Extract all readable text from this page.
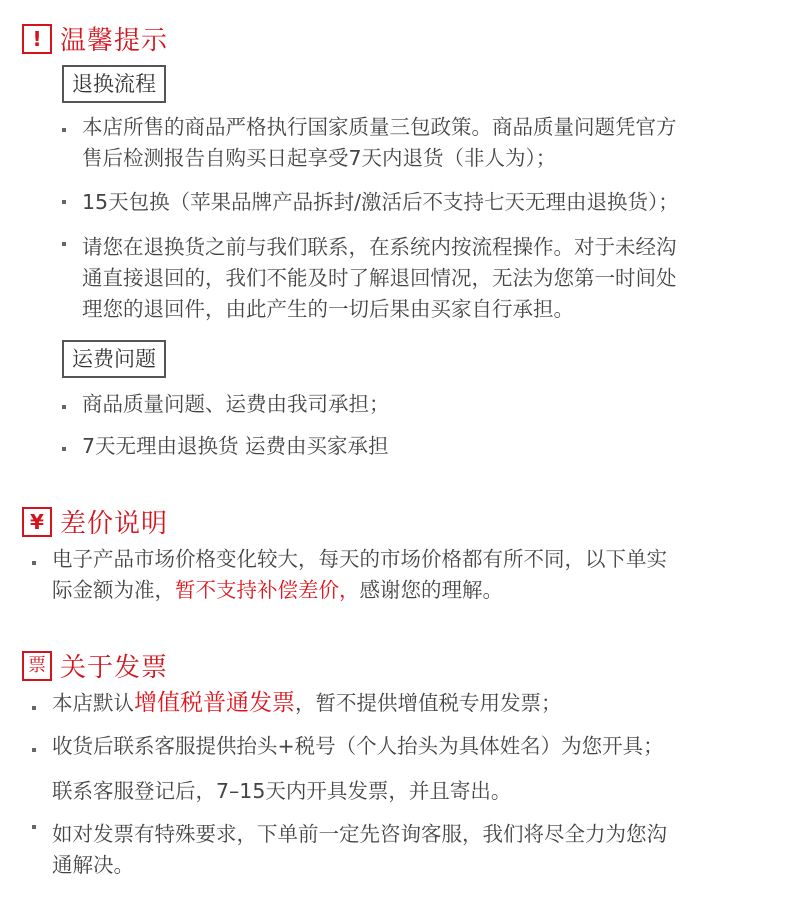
! 温馨提示
退换流程

本店所售的商品严格执行国家质量三包政策。商品质量问题凭官方

售后检测报告自购买日起享受7天内退货（非人为）；

15天包换（苹果品牌产品拆封/激活后不支持七天无理由退换货）；

请您在退换货之前与我们联系，在系统内按流程操作。对于未经沟

通直接退回的，我们不能及时了解退回情况，无法为您第一时间处

理您的退回件，由此产生的一切后果由买家自行承担。

运费问题

商品质量问题、运费由我司承担；

7天无理由退换货 运费由买家承担

¥ 差价说明

电子产品市场价格变化较大，每天的市场价格都有所不同，以下单实

际金额为准，暂不支持补偿差价，感谢您的理解。

票 关于发票

本店默认增值税普通发票，暂不提供增值税专用发票；

收货后联系客服提供抬头+税号（个人抬头为具体姓名）为您开具；

联系客服登记后，7–15天内开具发票，并且寄出。

如对发票有特殊要求，下单前一定先咨询客服，我们将尽全力为您沟

通解决。
